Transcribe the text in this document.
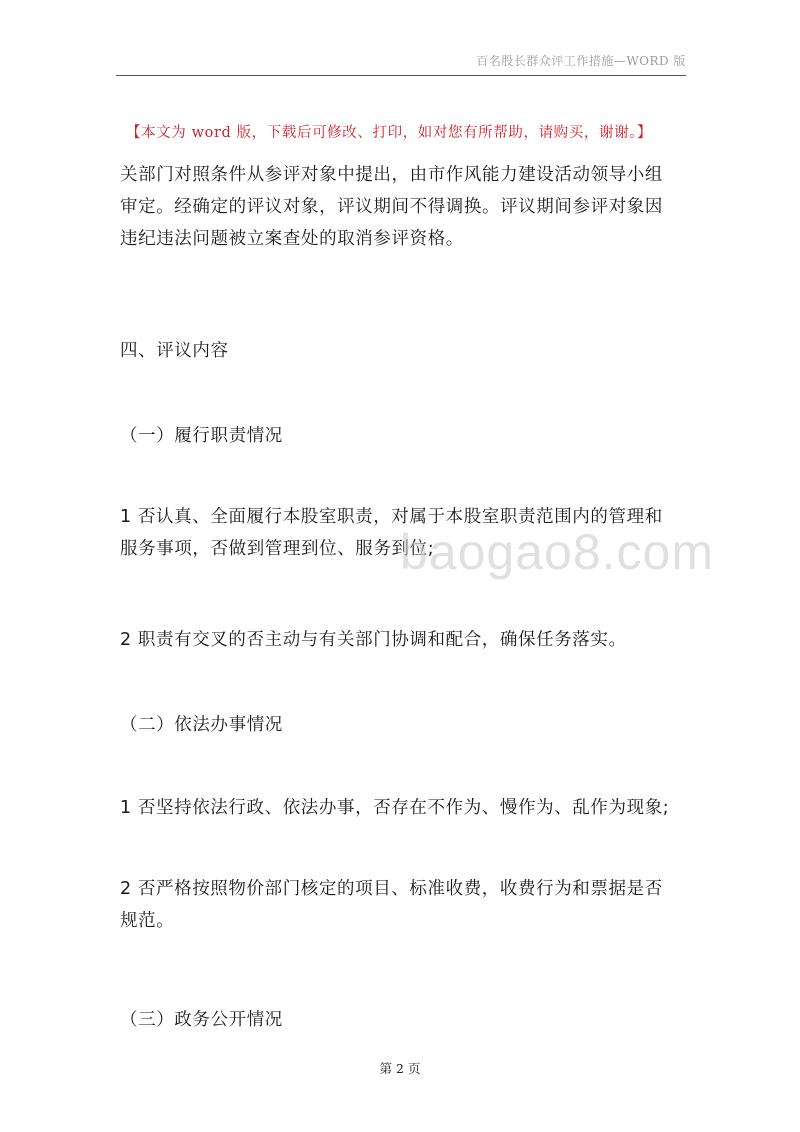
百名股长群众评工作措施—WORD 版
【本文为 word 版，下载后可修改、打印，如对您有所帮助，请购买，谢谢。】
关部门对照条件从参评对象中提出，由市作风能力建设活动领导小组
审定。经确定的评议对象，评议期间不得调换。评议期间参评对象因
违纪违法问题被立案查处的取消参评资格。
四、评议内容
（一）履行职责情况
1 否认真、全面履行本股室职责，对属于本股室职责范围内的管理和
服务事项，否做到管理到位、服务到位;
2 职责有交叉的否主动与有关部门协调和配合，确保任务落实。
（二）依法办事情况
1 否坚持依法行政、依法办事，否存在不作为、慢作为、乱作为现象;
2 否严格按照物价部门核定的项目、标准收费，收费行为和票据是否
规范。
（三）政务公开情况
baogao8.com
第 2 页
